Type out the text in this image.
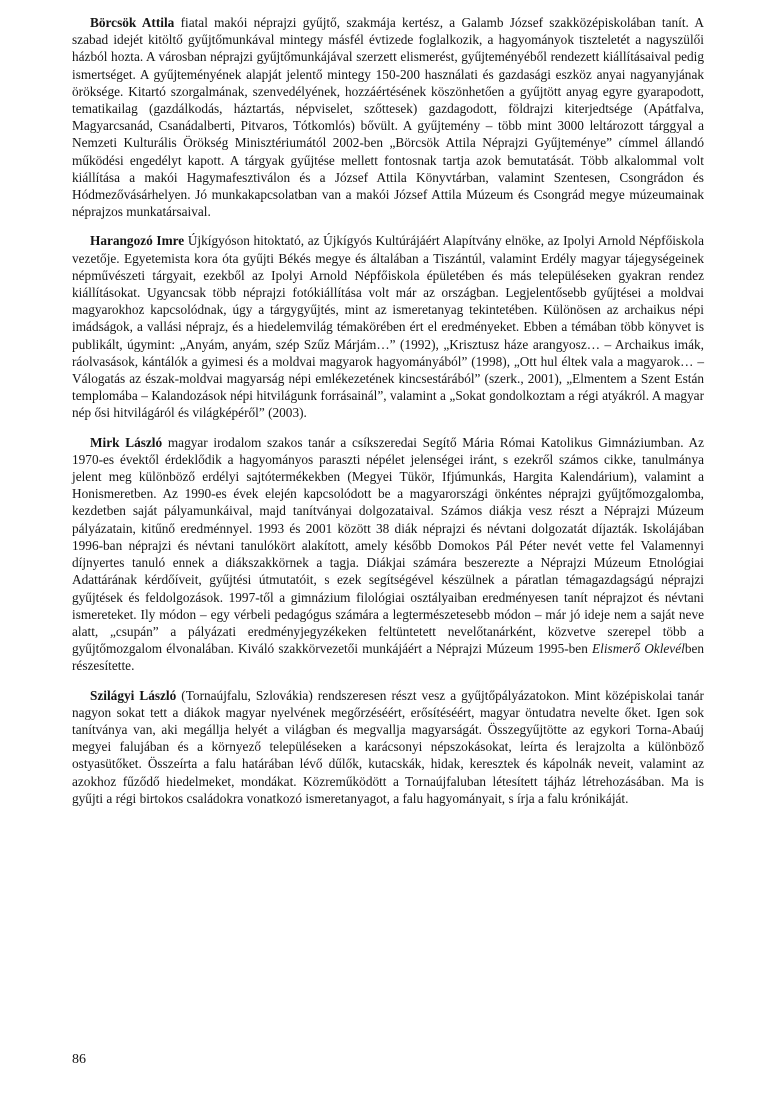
Börcsök Attila fiatal makói néprajzi gyűjtő, szakmája kertész, a Galamb József szakközépiskolában tanít. A szabad idejét kitöltő gyűjtőmunkával mintegy másfél évtizede foglalkozik, a hagyományok tiszteletét a nagyszülői házból hozta. A városban néprajzi gyűjtőmunkájával szerzett elismerést, gyűjteményéből rendezett kiállításaival pedig ismertséget. A gyűjteményének alapját jelentő mintegy 150-200 használati és gazdasági eszköz anyai nagyanyjának öröksége. Kitartó szorgalmának, szenvedélyének, hozzáértésének köszönhetően a gyűjtött anyag egyre gyarapodott, tematikailag (gazdálkodás, háztartás, népviselet, szőttesek) gazdagodott, földrajzi kiterjedtsége (Apátfalva, Magyarcsanád, Csanádalberti, Pitvaros, Tótkomlós) bővült. A gyűjtemény – több mint 3000 leltározott tárggyal a Nemzeti Kulturális Örökség Minisztériumától 2002-ben „Börcsök Attila Néprajzi Gyűjteménye” címmel állandó működési engedélyt kapott. A tárgyak gyűjtése mellett fontosnak tartja azok bemutatását. Több alkalommal volt kiállítása a makói Hagymafesztiválon és a József Attila Könyvtárban, valamint Szentesen, Csongrádon és Hódmezővásárhelyen. Jó munkakapcsolatban van a makói József Attila Múzeum és Csongrád megye múzeumainak néprajzos munkatársaival.

Harangozó Imre Újkígyóson hitoktató, az Újkígyós Kultúrájáért Alapítvány elnöke, az Ipolyi Arnold Népfőiskola vezetője. Egyetemista kora óta gyűjti Békés megye és általában a Tiszántúl, valamint Erdély magyar tájegységeinek népművészeti tárgyait, ezekből az Ipolyi Arnold Népfőiskola épületében és más településeken gyakran rendez kiállításokat. Ugyancsak több néprajzi fotókiállítása volt már az országban. Legjelentősebb gyűjtései a moldvai magyarokhoz kapcsolódnak, úgy a tárgygyűjtés, mint az ismeretanyag tekintetében. Különösen az archaikus népi imádságok, a vallási néprajz, és a hiedelemvilág témakörében ért el eredményeket. Ebben a témában több könyvet is publikált, úgymint: „Anyám, anyám, szép Szűz Márjám…” (1992), „Krisztusz háze arangyosz… – Archaikus imák, ráolvasások, kántálók a gyimesi és a moldvai magyarok hagyományából” (1998), „Ott hul éltek vala a magyarok… – Válogatás az észak-moldvai magyarság népi emlékezetének kincsestárából” (szerk., 2001), „Elmentem a Szent Están templomába – Kalandozások népi hitvilágunk forrásainál”, valamint a „Sokat gondolkoztam a régi atyákról. A magyar nép ősi hitvilágáról és világképéről” (2003).

Mirk László magyar irodalom szakos tanár a csíkszeredai Segítő Mária Római Katolikus Gimnáziumban. Az 1970-es évektől érdeklődik a hagyományos paraszti népélet jelenségei iránt, s ezekről számos cikke, tanulmánya jelent meg különböző erdélyi sajtótermékekben (Megyei Tükör, Ifjúmunkás, Hargita Kalendárium), valamint a Honismeretben. Az 1990-es évek elején kapcsolódott be a magyarországi önkéntes néprajzi gyűjtőmozgalomba, kezdetben saját pályamunkáival, majd tanítványai dolgozataival. Számos diákja vesz részt a Néprajzi Múzeum pályázatain, kitűnő eredménnyel. 1993 és 2001 között 38 diák néprajzi és névtani dolgozatát díjazták. Iskolájában 1996-ban néprajzi és névtani tanulókört alakított, amely később Domokos Pál Péter nevét vette fel Valamennyi díjnyertes tanuló ennek a diákszakkörnek a tagja. Diákjai számára beszerezte a Néprajzi Múzeum Etnológiai Adattárának kérdőíveit, gyűjtési útmutatóit, s ezek segítségével készülnek a páratlan témagazdagságú néprajzi gyűjtések és feldolgozások. 1997-től a gimnázium filológiai osztályaiban eredményesen tanít néprajzot és névtani ismereteket. Ily módon – egy vérbeli pedagógus számára a legtermészetesebb módon – már jó ideje nem a saját neve alatt, „csupán” a pályázati eredményjegyzékeken feltüntetett nevelőtanárként, közvetve szerepel több a gyűjtőmozgalom élvonalában. Kiváló szakkörvezetői munkájáért a Néprajzi Múzeum 1995-ben Elismerő Oklevélben részesítette.

Szilágyi László (Tornaújfalu, Szlovákia) rendszeresen részt vesz a gyűjtőpályázatokon. Mint középiskolai tanár nagyon sokat tett a diákok magyar nyelvének megőrzéséért, erősítéséért, magyar öntudatra nevelte őket. Igen sok tanítványa van, aki megállja helyét a világban és megvallja magyarságát. Összegyűjtötte az egykori Torna-Abaúj megyei falujában és a környező településeken a karácsonyi népszokásokat, leírta és lerajzolta a különböző ostyasütőket. Összeírta a falu határában lévő dűlők, kutacskák, hidak, keresztek és kápolnák neveit, valamint az azokhoz fűződő hiedelmeket, mondákat. Közreműködött a Tornaújfaluban létesített tájház létrehozásában. Ma is gyűjti a régi birtokos családokra vonatkozó ismeretanyagot, a falu hagyományait, s írja a falu krónikáját.

86
